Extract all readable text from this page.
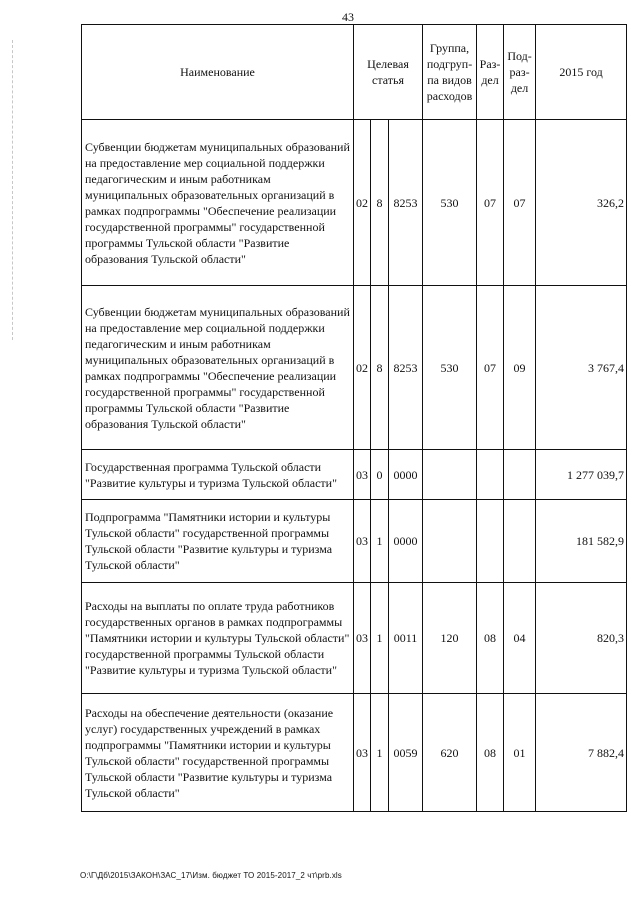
43
Наименование	Целевая статья			Группа, подгруп-па видов расходов	Раз-дел	Под-раз-дел	2015 год
Субвенции бюджетам муниципальных образований на предоставление мер социальной поддержки педагогическим и иным работникам муниципальных образовательных организаций в рамках подпрограммы "Обеспечение реализации государственной программы" государственной программы Тульской области "Развитие образования Тульской области"	02	8	8253	530	07	07	326,2
Субвенции бюджетам муниципальных образований на предоставление мер социальной поддержки педагогическим и иным работникам муниципальных образовательных организаций в рамках подпрограммы "Обеспечение реализации государственной программы" государственной программы Тульской области "Развитие образования Тульской области"	02	8	8253	530	07	09	3 767,4
Государственная программа Тульской области "Развитие культуры и туризма Тульской области"	03	0	0000				1 277 039,7
Подпрограмма "Памятники истории и культуры Тульской области" государственной программы Тульской области "Развитие культуры и туризма Тульской области"	03	1	0000				181 582,9
Расходы на выплаты по оплате труда работников государственных органов в рамках подпрограммы "Памятники истории и культуры Тульской области" государственной программы Тульской области "Развитие культуры и туризма Тульской области"	03	1	0011	120	08	04	820,3
Расходы на обеспечение деятельности (оказание услуг) государственных учреждений в рамках подпрограммы "Памятники истории и культуры Тульской области" государственной программы Тульской области "Развитие культуры и туризма Тульской области"	03	1	0059	620	08	01	7 882,4
O:\Г\Дб\2015\ЗАКОН\ЗАС_17\Изм. бюджет ТО 2015-2017_2 чт\prb.xls
